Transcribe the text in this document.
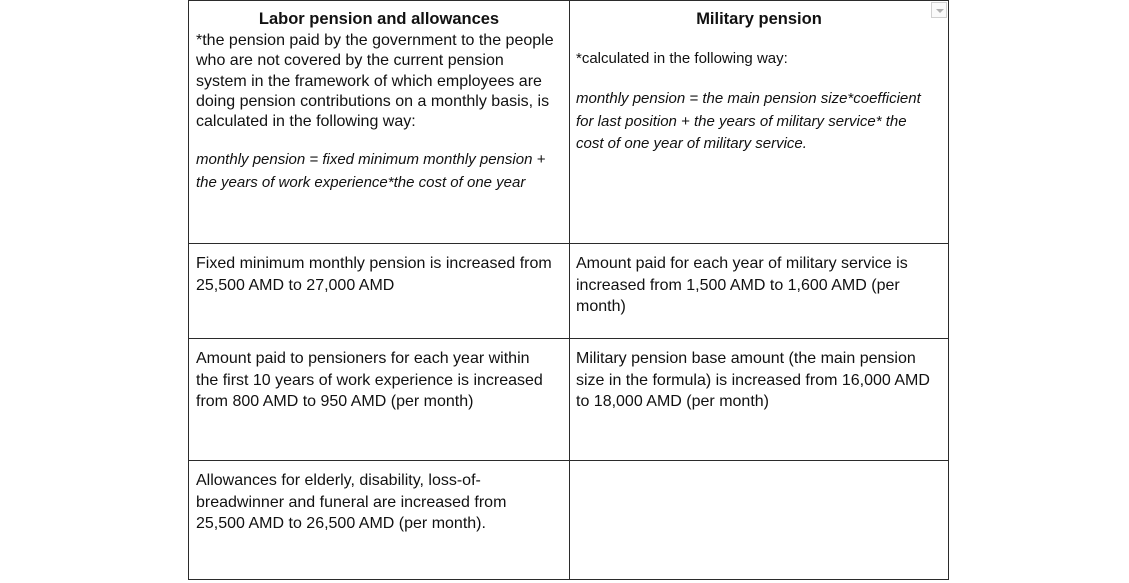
Labor pension and allowances
*the pension paid by the government to the people who are not covered by the current pension system in the framework of which employees are doing pension contributions on a monthly basis, is calculated in the following way:
monthly pension = fixed minimum monthly pension + the years of work experience*the cost of one year
Military pension
*calculated in the following way:
monthly pension = the main pension size*coefficient for last position + the years of military service* the cost of one year of military service.
Fixed minimum monthly pension is increased from 25,500 AMD to 27,000 AMD
Amount paid for each year of military service is increased from 1,500 AMD to 1,600 AMD (per month)
Amount paid to pensioners for each year within the first 10 years of work experience is increased from 800 AMD to 950 AMD (per month)
Military pension base amount (the main pension size in the formula) is increased from 16,000 AMD to 18,000 AMD (per month)
Allowances for elderly, disability, loss-of-breadwinner and funeral are increased from 25,500 AMD to 26,500 AMD (per month).
